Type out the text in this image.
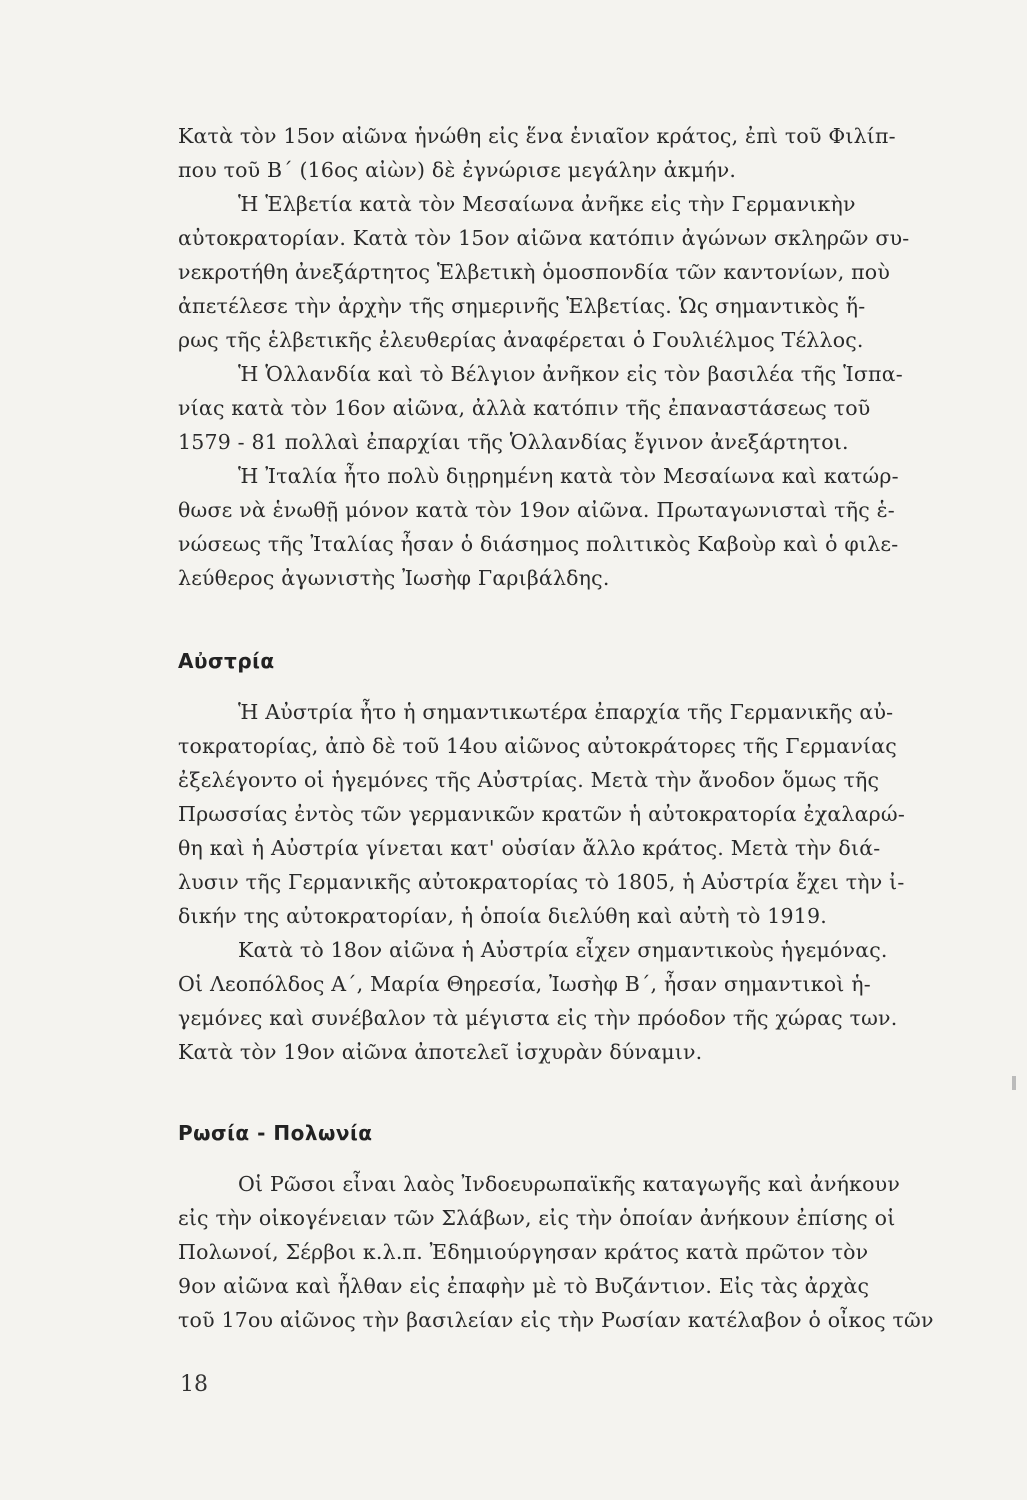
Κατὰ τὸν 15ον αἰῶνα ἡνώθη εἰς ἕνα ἑνιαῖον κράτος, ἐπὶ τοῦ Φιλίπ-
που τοῦ Β΄ (16ος αἰὼν) δὲ ἐγνώρισε μεγάλην ἀκμήν.
Ἡ Ἑλβετία κατὰ τὸν Μεσαίωνα ἀνῆκε εἰς τὴν Γερμανικὴν
αὐτοκρατορίαν. Κατὰ τὸν 15ον αἰῶνα κατόπιν ἀγώνων σκληρῶν συ-
νεκροτήθη ἀνεξάρτητος Ἑλβετικὴ ὁμοσπονδία τῶν καντονίων, ποὺ
ἀπετέλεσε τὴν ἀρχὴν τῆς σημερινῆς Ἑλβετίας. Ὡς σημαντικὸς ἥ-
ρως τῆς ἑλβετικῆς ἐλευθερίας ἀναφέρεται ὁ Γουλιέλμος Τέλλος.
Ἡ Ὁλλανδία καὶ τὸ Βέλγιον ἀνῆκον εἰς τὸν βασιλέα τῆς Ἱσπα-
νίας κατὰ τὸν 16ον αἰῶνα, ἀλλὰ κατόπιν τῆς ἐπαναστάσεως τοῦ
1579 - 81 πολλαὶ ἐπαρχίαι τῆς Ὁλλανδίας ἔγινον ἀνεξάρτητοι.
Ἡ Ἰταλία ἦτο πολὺ διῃρημένη κατὰ τὸν Μεσαίωνα καὶ κατώρ-
θωσε νὰ ἑνωθῇ μόνον κατὰ τὸν 19ον αἰῶνα. Πρωταγωνισταὶ τῆς ἑ-
νώσεως τῆς Ἰταλίας ἦσαν ὁ διάσημος πολιτικὸς Καβοὺρ καὶ ὁ φιλε-
λεύθερος ἀγωνιστὴς Ἰωσὴφ Γαριβάλδης.
Αὐστρία
Ἡ Αὐστρία ἦτο ἡ σημαντικωτέρα ἐπαρχία τῆς Γερμανικῆς αὐ-
τοκρατορίας, ἀπὸ δὲ τοῦ 14ου αἰῶνος αὐτοκράτορες τῆς Γερμανίας
ἐξελέγοντο οἱ ἡγεμόνες τῆς Αὐστρίας. Μετὰ τὴν ἄνοδον ὅμως τῆς
Πρωσσίας ἐντὸς τῶν γερμανικῶν κρατῶν ἡ αὐτοκρατορία ἐχαλαρώ-
θη καὶ ἡ Αὐστρία γίνεται κατ' οὐσίαν ἄλλο κράτος. Μετὰ τὴν διά-
λυσιν τῆς Γερμανικῆς αὐτοκρατορίας τὸ 1805, ἡ Αὐστρία ἔχει τὴν ἰ-
δικήν της αὐτοκρατορίαν, ἡ ὁποία διελύθη καὶ αὐτὴ τὸ 1919.
Κατὰ τὸ 18ον αἰῶνα ἡ Αὐστρία εἶχεν σημαντικοὺς ἡγεμόνας.
Οἱ Λεοπόλδος Α΄, Μαρία Θηρεσία, Ἰωσὴφ Β΄, ἦσαν σημαντικοὶ ἡ-
γεμόνες καὶ συνέβαλον τὰ μέγιστα εἰς τὴν πρόοδον τῆς χώρας των.
Κατὰ τὸν 19ον αἰῶνα ἀποτελεῖ ἰσχυρὰν δύναμιν.
Ρωσία - Πολωνία
Οἱ Ρῶσοι εἶναι λαὸς Ἰνδοευρωπαϊκῆς καταγωγῆς καὶ ἀνήκουν
εἰς τὴν οἰκογένειαν τῶν Σλάβων, εἰς τὴν ὁποίαν ἀνήκουν ἐπίσης οἱ
Πολωνοί, Σέρβοι κ.λ.π. Ἐδημιούργησαν κράτος κατὰ πρῶτον τὸν
9ον αἰῶνα καὶ ἦλθαν εἰς ἐπαφὴν μὲ τὸ Βυζάντιον. Εἰς τὰς ἀρχὰς
τοῦ 17ου αἰῶνος τὴν βασιλείαν εἰς τὴν Ρωσίαν κατέλαβον ὁ οἶκος τῶν
18
